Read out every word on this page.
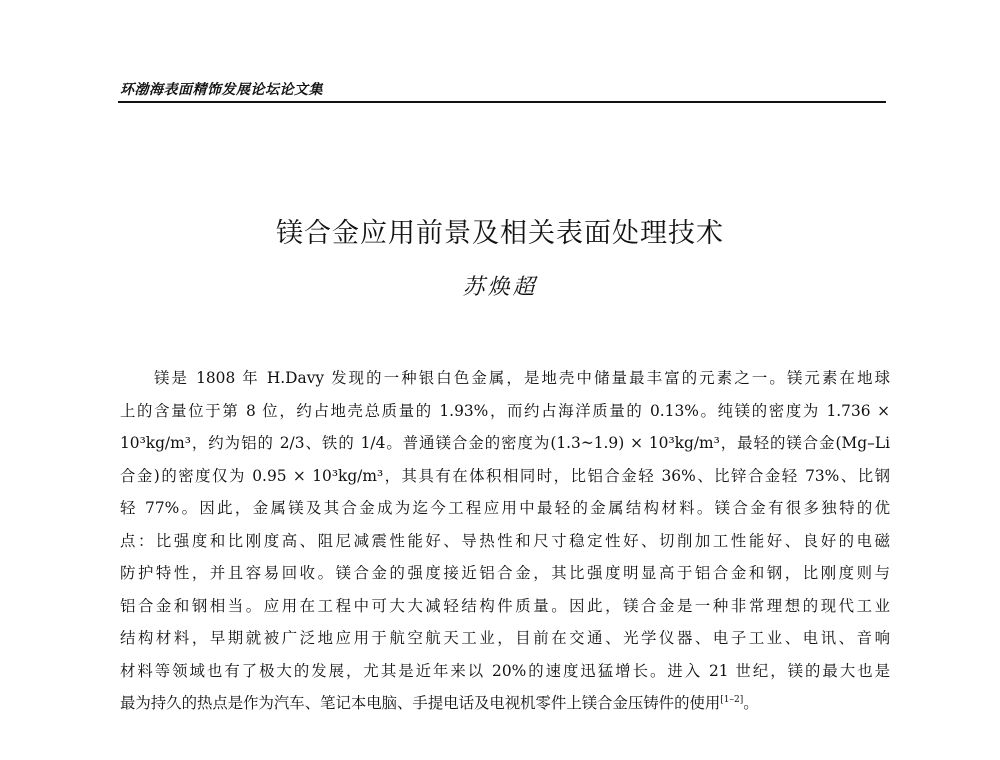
环渤海表面精饰发展论坛论文集
镁合金应用前景及相关表面处理技术
苏焕超
镁是 1808 年 H.Davy 发现的一种银白色金属，是地壳中储量最丰富的元素之一。镁元素在地球
上的含量位于第 8 位，约占地壳总质量的 1.93%，而约占海洋质量的 0.13%。纯镁的密度为 1.736 ×
10³kg/m³，约为铝的 2/3、铁的 1/4。普通镁合金的密度为(1.3~1.9) × 10³kg/m³，最轻的镁合金(Mg–Li
合金)的密度仅为 0.95 × 10³kg/m³，其具有在体积相同时，比铝合金轻 36%、比锌合金轻 73%、比钢
轻 77%。因此，金属镁及其合金成为迄今工程应用中最轻的金属结构材料。镁合金有很多独特的优
点：比强度和比刚度高、阻尼减震性能好、导热性和尺寸稳定性好、切削加工性能好、良好的电磁
防护特性，并且容易回收。镁合金的强度接近铝合金，其比强度明显高于铝合金和钢，比刚度则与
铝合金和钢相当。应用在工程中可大大减轻结构件质量。因此，镁合金是一种非常理想的现代工业
结构材料，早期就被广泛地应用于航空航天工业，目前在交通、光学仪器、电子工业、电讯、音响
材料等领域也有了极大的发展，尤其是近年来以 20%的速度迅猛增长。进入 21 世纪，镁的最大也是
最为持久的热点是作为汽车、笔记本电脑、手提电话及电视机零件上镁合金压铸件的使用[1–2]。
